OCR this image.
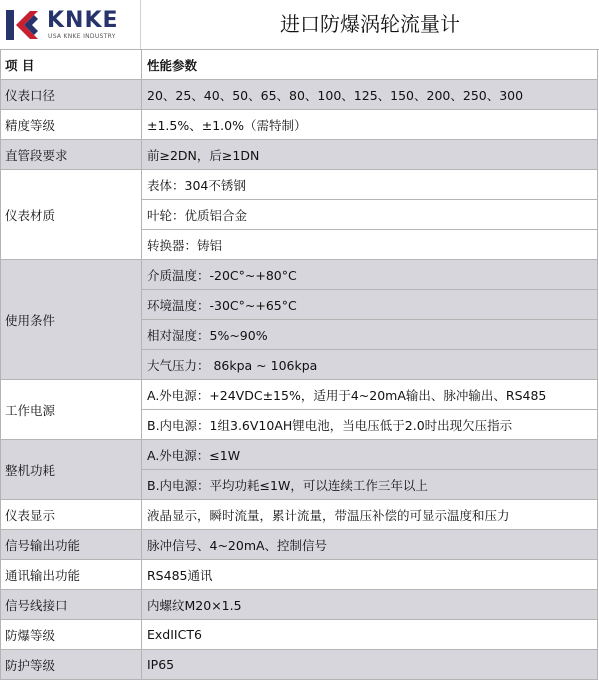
KNKE
USA KNKE INDUSTRY
进口防爆涡轮流量计
项 目	性能参数
仪表口径	20、25、40、50、65、80、100、125、150、200、250、300
精度等级	±1.5%、±1.0%（需特制）
直管段要求	前≥2DN，后≥1DN
仪表材质	表体：304不锈钢
	叶轮：优质铝合金
	转换器：铸铝
使用条件	介质温度：-20C°~+80°C
	环境温度：-30C°~+65°C
	相对湿度：5%~90%
	大气压力： 86kpa ~ 106kpa
工作电源	A.外电源：+24VDC±15%，适用于4~20mA输出、脉冲输出、RS485
	B.内电源：1组3.6V10AH锂电池，当电压低于2.0时出现欠压指示
整机功耗	A.外电源：≤1W
	B.内电源：平均功耗≤1W，可以连续工作三年以上
仪表显示	液晶显示，瞬时流量，累计流量，带温压补偿的可显示温度和压力
信号输出功能	脉冲信号、4~20mA、控制信号
通讯输出功能	RS485通讯
信号线接口	内螺纹M20×1.5
防爆等级	ExdIICT6
防护等级	IP65
